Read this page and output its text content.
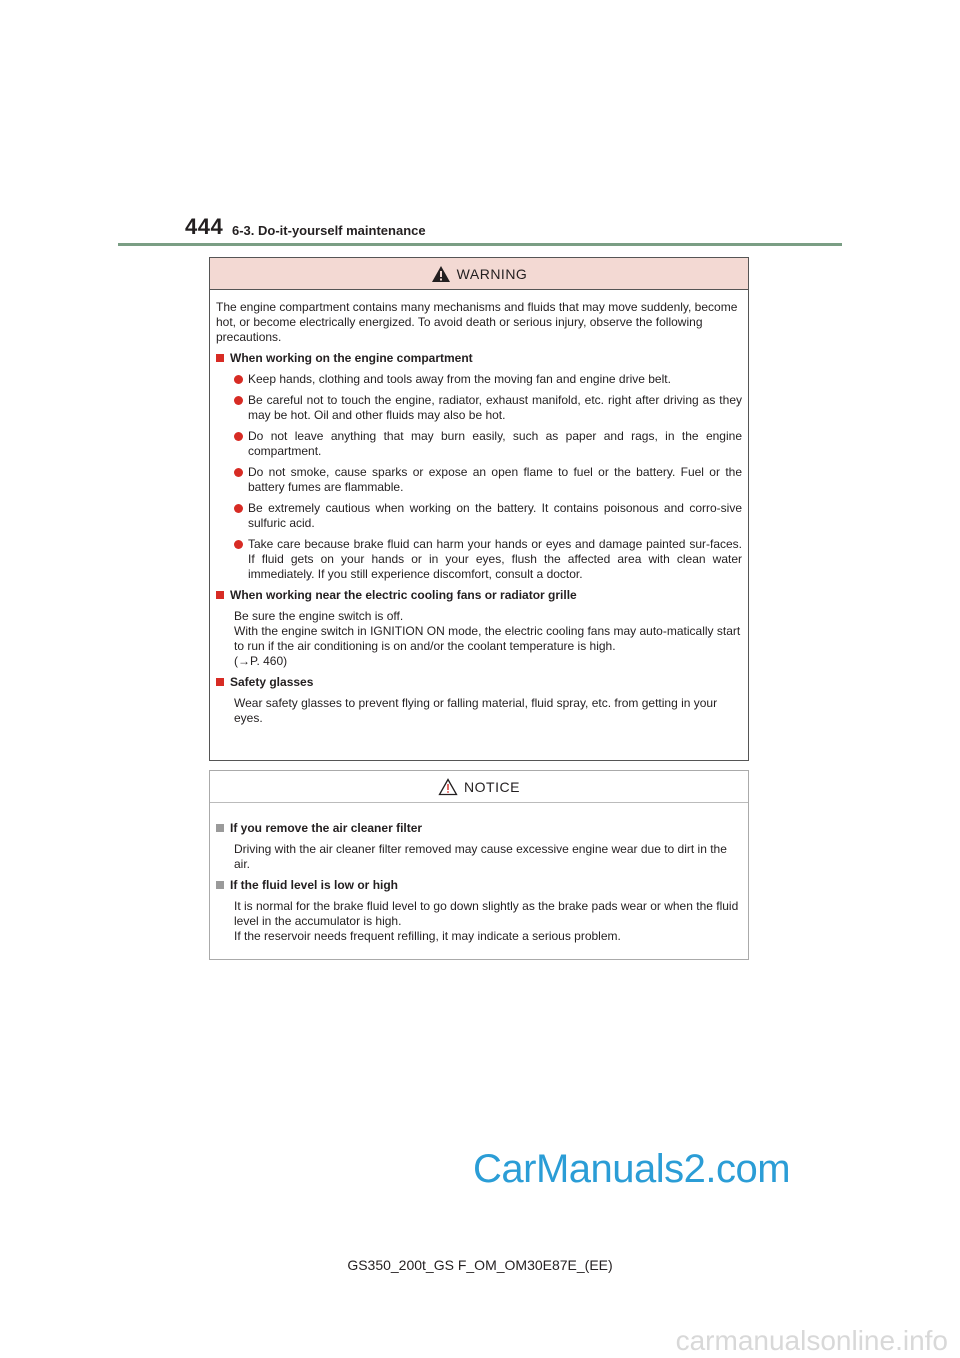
444 6-3. Do-it-yourself maintenance
WARNING

The engine compartment contains many mechanisms and fluids that may move suddenly, become hot, or become electrically energized. To avoid death or serious injury, observe the following precautions.

When working on the engine compartment
Keep hands, clothing and tools away from the moving fan and engine drive belt.
Be careful not to touch the engine, radiator, exhaust manifold, etc. right after driving as they may be hot. Oil and other fluids may also be hot.
Do not leave anything that may burn easily, such as paper and rags, in the engine compartment.
Do not smoke, cause sparks or expose an open flame to fuel or the battery. Fuel or the battery fumes are flammable.
Be extremely cautious when working on the battery. It contains poisonous and corro-sive sulfuric acid.
Take care because brake fluid can harm your hands or eyes and damage painted sur-faces. If fluid gets on your hands or in your eyes, flush the affected area with clean water immediately. If you still experience discomfort, consult a doctor.
When working near the electric cooling fans or radiator grille
Be sure the engine switch is off.
With the engine switch in IGNITION ON mode, the electric cooling fans may auto-matically start to run if the air conditioning is on and/or the coolant temperature is high.
(→P. 460)
Safety glasses
Wear safety glasses to prevent flying or falling material, fluid spray, etc. from getting in your eyes.
NOTICE
If you remove the air cleaner filter
Driving with the air cleaner filter removed may cause excessive engine wear due to dirt in the air.
If the fluid level is low or high
It is normal for the brake fluid level to go down slightly as the brake pads wear or when the fluid level in the accumulator is high.
If the reservoir needs frequent refilling, it may indicate a serious problem.
CarManuals2.com
GS350_200t_GS F_OM_OM30E87E_(EE)
carmanualsonline.info
